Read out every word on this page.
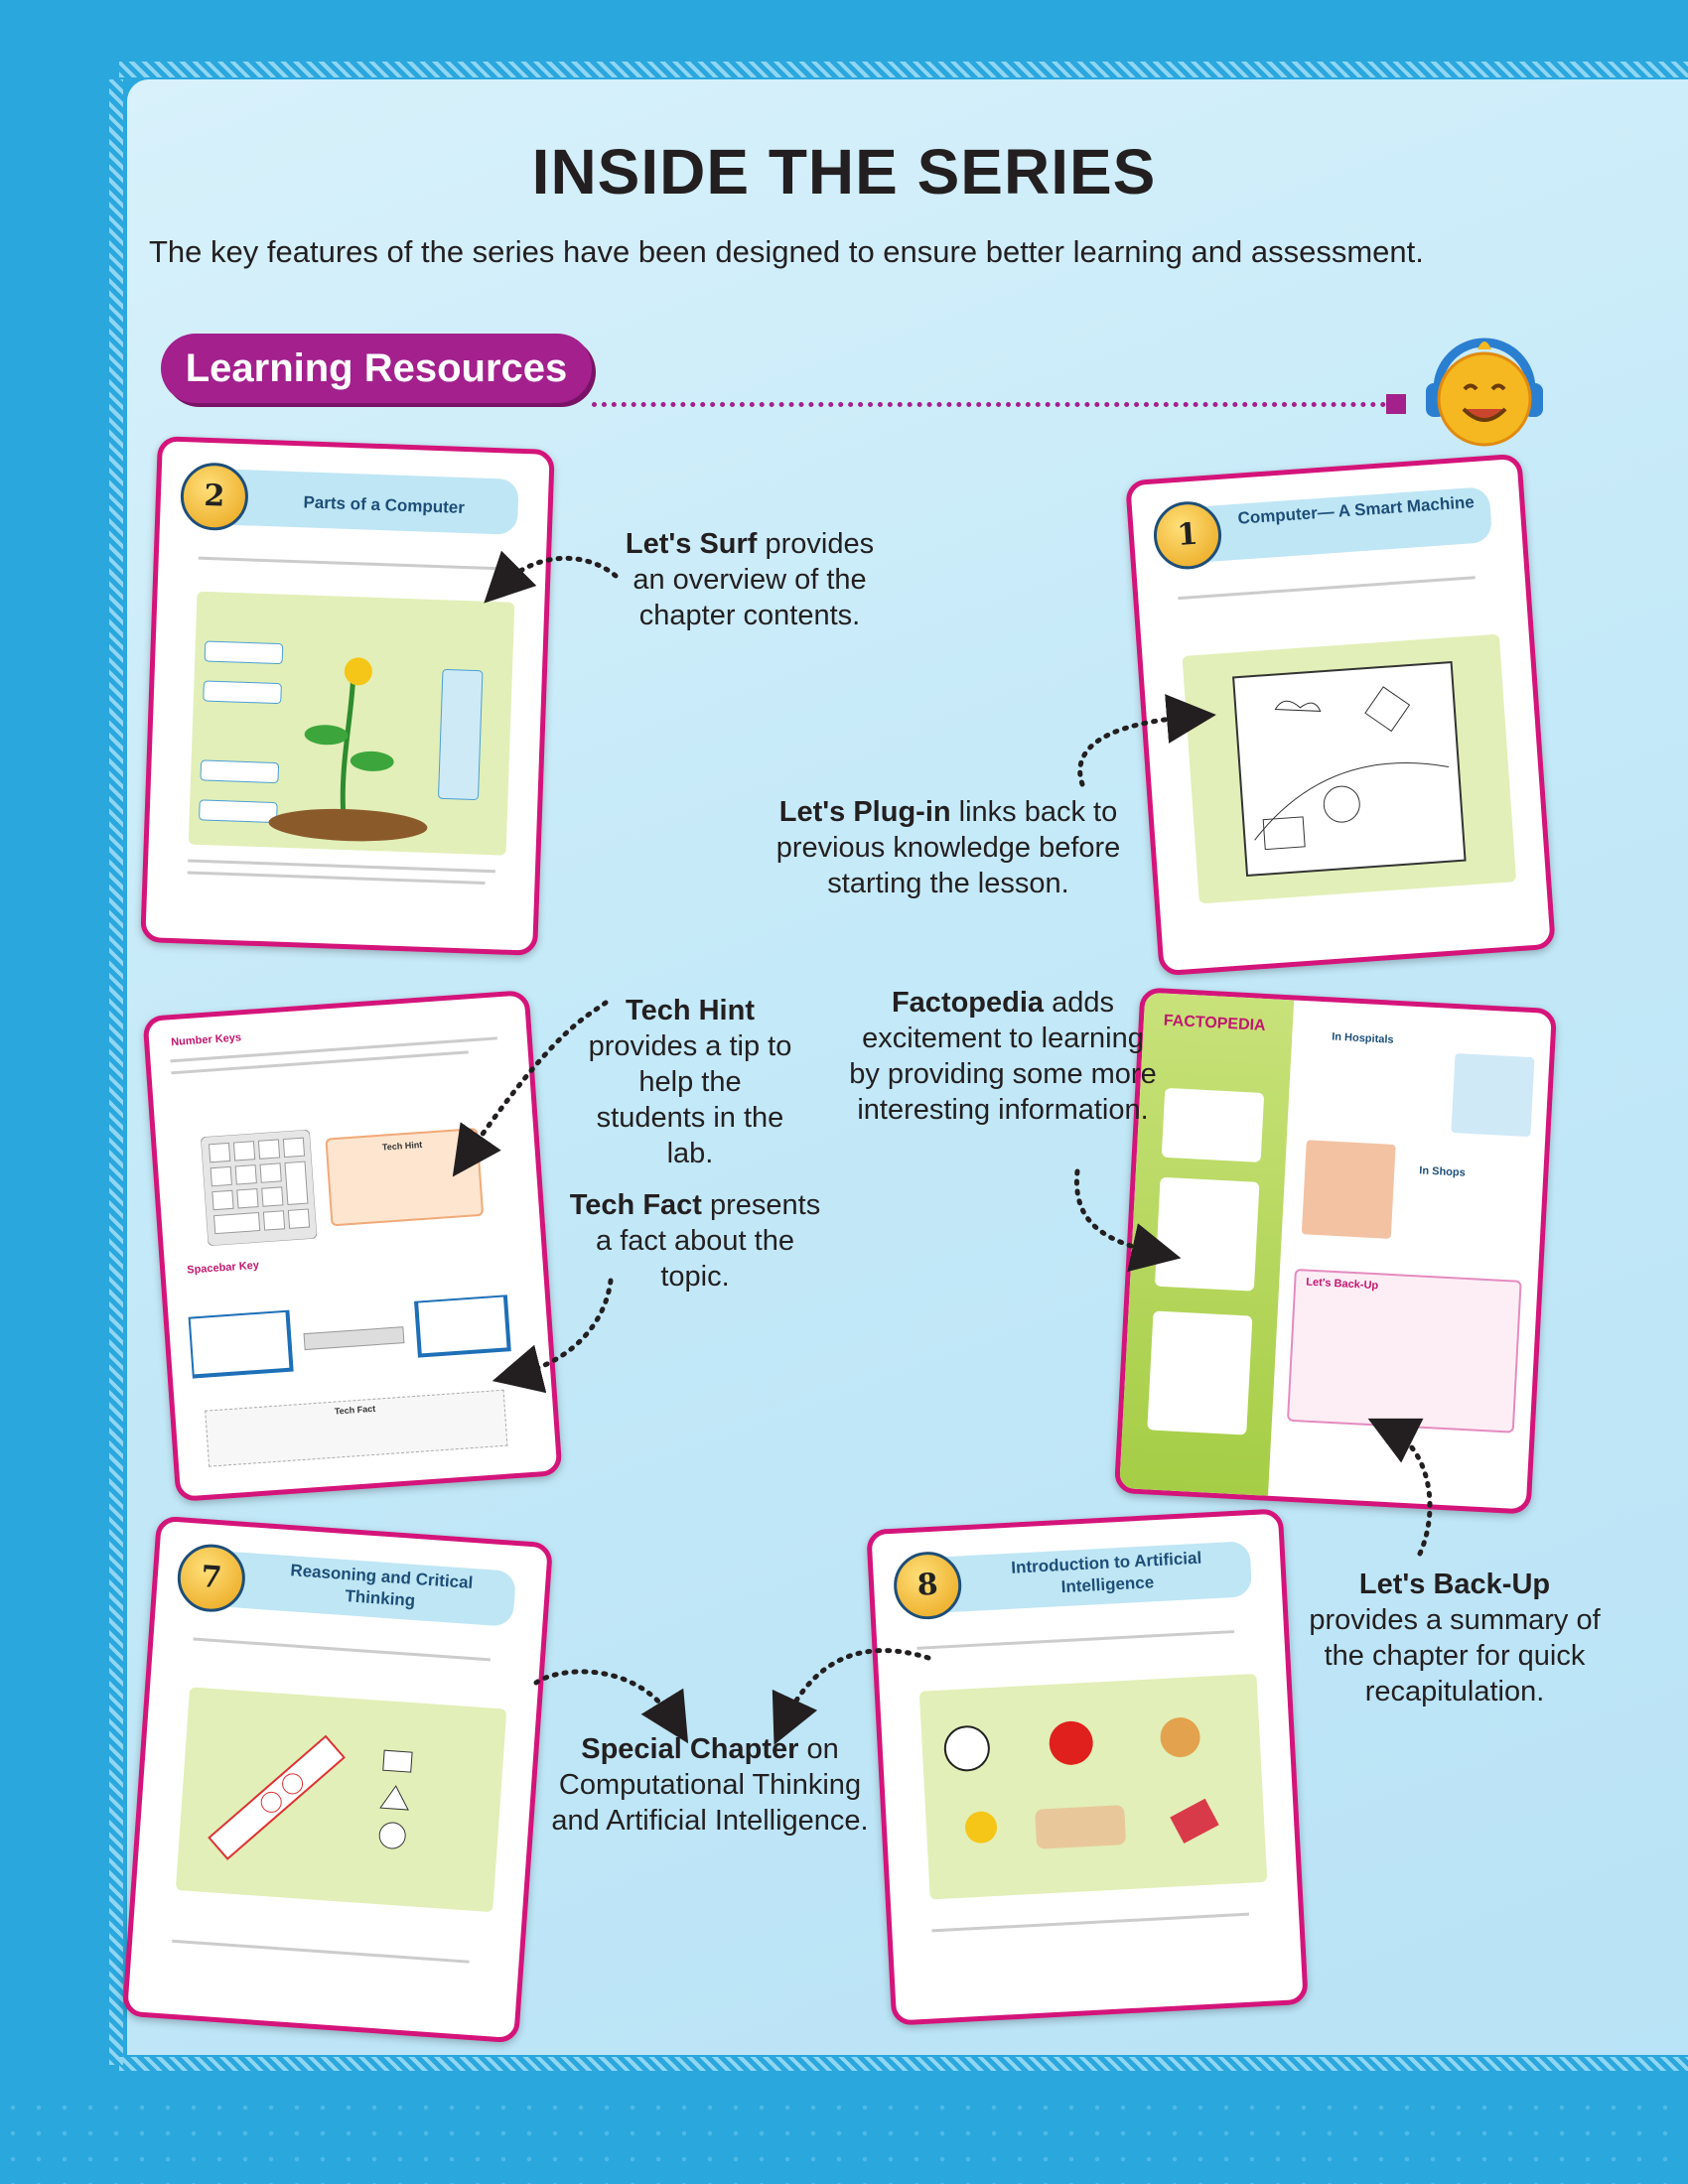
INSIDE THE SERIES
The key features of the series have been designed to ensure better learning and assessment.
Learning Resources
2	Parts of a Computer
1
Computer— A Smart Machine
Number Keys
Tech Hint
Spacebar Key
Tech Fact
FACTOPEDIA
In Hospitals
In Shops
Let's Back-Up
7	Reasoning and Critical Thinking	8
Introduction to Artificial Intelligence
Let's Surf provides an overview of the chapter contents.
Let's Plug-in links back to previous knowledge before starting the lesson.
Tech Hint provides a tip to help the students in the lab.
Tech Fact presents a fact about the topic.
Factopedia adds excitement to learning by providing some more interesting information.
Let's Back-Up provides a summary of the chapter for quick recapitulation.
Special Chapter on Computational Thinking and Artificial Intelligence.
